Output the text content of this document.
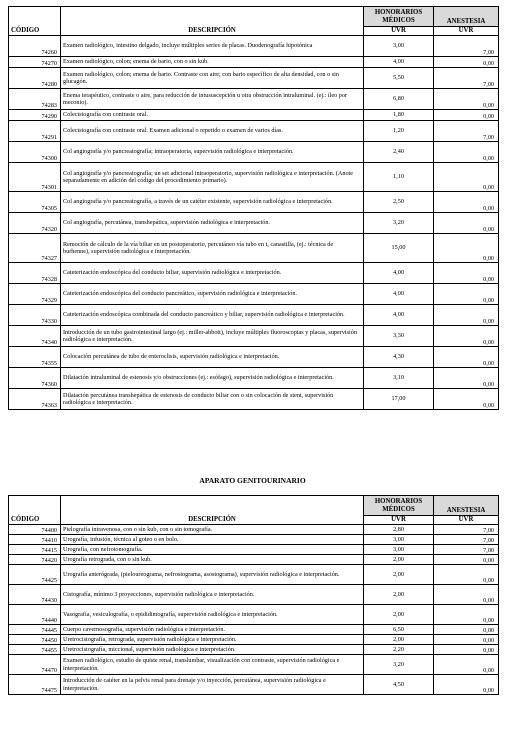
CÓDIGO	DESCRIPCIÓN	HONORARIOS MÉDICOS	ANESTESIA
		UVR	UVR
74260	Examen radiológico, intestino delgado, incluye múltiples series de placas. Duodenografía hipotónica	3,00	7,00
74270	Examen radiológico, colon; enema de bario, con o sin kub.	4,00	0,00
74280	Examen radiológico, colon; enema de bario. Contraste con aire; con bario específico de alta densidad, con o sin glucagón.	5,50	7,00
74283	Enema terapéutico, contraste o aire, para reducción de intususcepción u otra obstrucción intraluminal. (ej.: íleo por meconio).	6,80	0,00
74290	Colecistografía con contraste oral.	1,80	0,00
74291	Colecistografía con contraste oral. Examen adicional o repetido o examen de varios días.	1,20	7,00
74300	Col angiografía y/o pancreatografía; intraoperatoria, supervisión radiológica e interpretación.	2,40	0,00
74301	Col angiografía y/o pancreatografía; un set adicional intraoperatorio, supervisión radiológica e interpretación. (Anote separadamente en adición del código del procedimiento primario).	1,10	0,00
74305	Col angiografía y/o pancreatografía, a través de un catéter existente, supervisión radiológica e interpretación.	2,50	0,00
74320	Col angiografía, percutánea, transhepática, supervisión radiológica e interpretación.	3,20	0,00
74327	Remoción de cálculo de la vía biliar en un postoperatorio, percutáneo vía tubo en t, canastilla, (ej.: técnica de burhenne), supervisión radiológica e interpretación.	15,00	0,00
74328	Cateterización endoscópica del conducto biliar, supervisión radiológica e interpretación.	4,00	0,00
74329	Cateterización endoscópica del conducto pancreático, supervisión radiológica e interpretación.	4,00	0,00
74330	Cateterización endoscópica combinada del conducto pancreático y biliar, supervisión radiológica e interpretación.	4,00	0,00
74340	Introducción de un tubo gastrointestinal largo (ej.: miller-abbott), incluye múltiples fluoroscopias y placas, supervisión radiológica e interpretación.	3,30	0,00
74355	Colocación percutánea de tubo de enteroclisis, supervisión radiológica e interpretación.	4,30	0,00
74360	Dilatación intraluminal de estenosis y/o obstrucciones (ej.: esófago), supervisión radiológica e interpretación.	3,10	0,00
74363	Dilatación percutánea transhepática de estenosis de conducto biliar con o sin colocación de stent, supervisión radiológica e interpretación.	17,00	0,00
APARATO GENITOURINARIO
CÓDIGO	DESCRIPCIÓN	HONORARIOS MÉDICOS	ANESTESIA
		UVR	UVR
74400	Pielografía intravenosa, con o sin kub, con o sin tomografía.	2,80	7,00
74410	Urografía, infusión, técnica al goteo o en bolo.	3,00	7,00
74415	Urografía, con nefrotomografía.	3,00	7,00
74420	Urografía retrograda, con o sin kub.	2,00	0,00
74425	Urografía anterógrada, (pieloureograma, nefrostograma, asostograma), supervisión radiológica e interpretación.	2,00	0,00
74430	Cistografía, mínimo 3 proyecciones, supervisión radiológica e interpretación.	2,00	0,00
74440	Vasografía, vesiculografía, o epididimografía, supervisión radiológica e interpretación.	2,00	0,00
74445	Cuerpo cavernosografía, supervisión radiológica e interpretación.	6,50	0,00
74450	Uretrocistografía, retrograda, supervisión radiológica e interpretación.	2,00	0,00
74455	Uretrocistografía, miccional, supervisión radiológica e interpretación.	2,20	0,00
74470	Examen radiológico, estudio de quiste renal, translumbar, visualización con contraste, supervisión radiológica e interpretación.	3,20	0,00
74475	Introducción de catéter en la pelvis renal para drenaje y/o inyección, percutánea, supervisión radiológica e interpretación.	4,50	0,00
